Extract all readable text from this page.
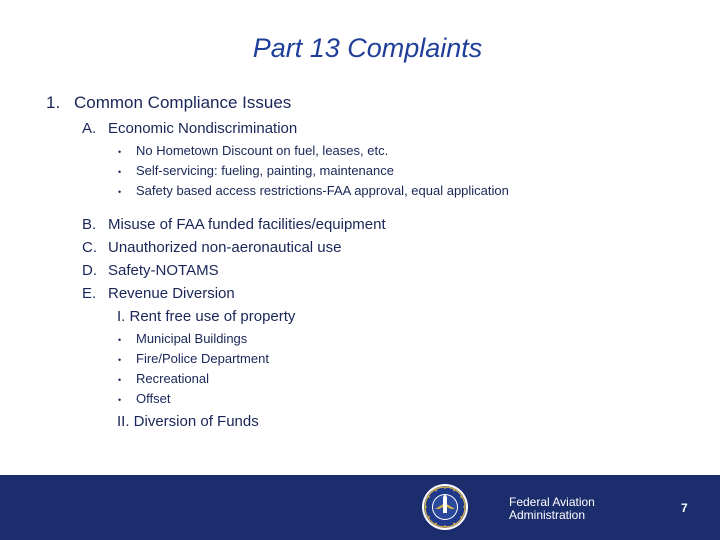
Part 13 Complaints
1. Common Compliance Issues
A. Economic Nondiscrimination
• No Hometown Discount on fuel, leases, etc.
• Self-servicing: fueling, painting, maintenance
• Safety based access restrictions-FAA approval, equal application
B. Misuse of FAA funded facilities/equipment
C. Unauthorized non-aeronautical use
D. Safety-NOTAMS
E. Revenue Diversion
I. Rent free use of property
• Municipal Buildings
• Fire/Police Department
• Recreational
• Offset
II. Diversion of Funds
Federal Aviation
Administration	7
